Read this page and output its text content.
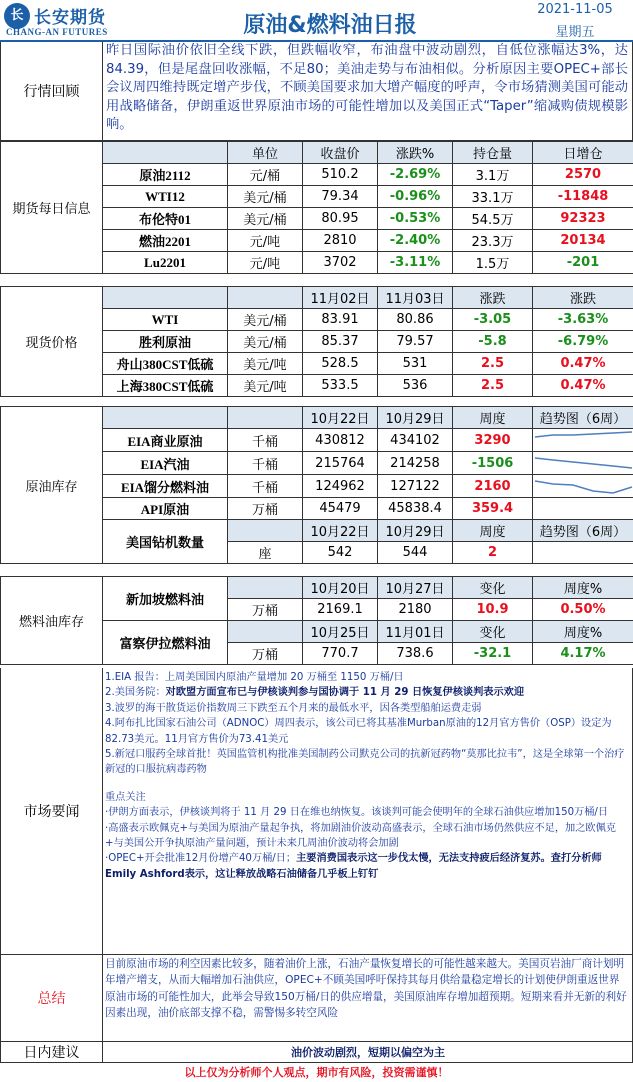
长 长安期货
CHANG-AN FUTURES	原油&燃料油日报
2021-11-05
星期五
行情回顾
昨日国际油价依旧全线下跌，但跌幅收窄，布油盘中波动剧烈，自低位涨幅达3%，达84.39，但是尾盘回收涨幅，不足80；美油走势与布油相似。分析原因主要OPEC+部长会议周四维持既定增产步伐，不顾美国要求加大增产幅度的呼声，令市场猜测美国可能动用战略储备，伊朗重返世界原油市场的可能性增加以及美国正式“Taper”缩减购债规模影响。
期货每日信息		单位	收盘价	涨跌%	持仓量	日增仓
	原油2112	元/桶	510.2	-2.69%	3.1万	2570
	WTI12	美元/桶	79.34	-0.96%	33.1万	-11848
	布伦特01	美元/桶	80.95	-0.53%	54.5万	92323
	燃油2201	元/吨	2810	-2.40%	23.3万	20134
	Lu2201	元/吨	3702	-3.11%	1.5万	-201
现货价格			11月02日	11月03日	涨跌	涨跌
	WTI	美元/桶	83.91	80.86	-3.05	-3.63%
	胜利原油	美元/桶	85.37	79.57	-5.8	-6.79%
	舟山380CST低硫	美元/吨	528.5	531	2.5	0.47%
	上海380CST低硫	美元/吨	533.5	536	2.5	0.47%
原油库存			10月22日	10月29日	周度	趋势图（6周）
	EIA商业原油	千桶	430812	434102	3290	

	EIA汽油	千桶	215764	214258	-1506	

	EIA馏分燃料油	千桶	124962	127122	2160	

	API原油	万桶	45479	45838.4	359.4	
	美国钻机数量		10月22日	10月29日	周度	趋势图（6周）
		座	542	544	2	
燃料油库存	新加坡燃料油		10月20日	10月27日	变化	周度%
		万桶	2169.1	2180	10.9	0.50%
	富察伊拉燃料油		10月25日	11月01日	变化	周度%
		万桶	770.7	738.6	-32.1	4.17%
市场要闻
1.EIA 报告：上周美国国内原油产量增加 20 万桶至 1150 万桶/日
2.美国务院：对欧盟方面宣布已与伊核谈判参与国协调于 11 月 29 日恢复伊核谈判表示欢迎
3.波罗的海干散货运价指数周三下跌至五个月来的最低水平，因各类型船舶运费走弱
4.阿布扎比国家石油公司（ADNOC）周四表示，该公司已将其基准Murban原油的12月官方售价（OSP）设定为82.73美元。11月官方售价为73.41美元
5.新冠口服药全球首批！英国监管机构批准美国制药公司默克公司的抗新冠药物“莫那比拉韦”，这是全球第一个治疗新冠的口服抗病毒药物
重点关注
·伊朗方面表示，伊核谈判将于 11 月 29 日在维也纳恢复。该谈判可能会使明年的全球石油供应增加150万桶/日
·高盛表示欧佩克+与美国为原油产量起争执，将加剧油价波动高盛表示，全球石油市场仍然供应不足，加之欧佩克+与美国公开争执原油产量问题，预计未来几周油价波动将会加剧
·OPEC+开会批准12月份增产40万桶/日；主要消费国表示这一步伐太慢，无法支持疲后经济复苏。査打分析师Emily Ashford表示，这让释放战略石油储备几乎板上钉钉
总结
目前原油市场的利空因素比较多，随着油价上涨，石油产量恢复增长的可能性越来越大。美国页岩油厂商计划明年增产增支，从而大幅增加石油供应，OPEC+不顾美国呼吁保持其每月供给量稳定增长的计划使伊朗重返世界原油市场的可能性加大，此举会导致150万桶/日的供应增量，美国原油库存增加超预期。短期来看并无新的利好因素出现，油价底部支撑不稳，需警惕多转空风险
日内建议	油价波动剧烈，短期以偏空为主
以上仅为分析师个人观点，期市有风险，投资需谨慎！
